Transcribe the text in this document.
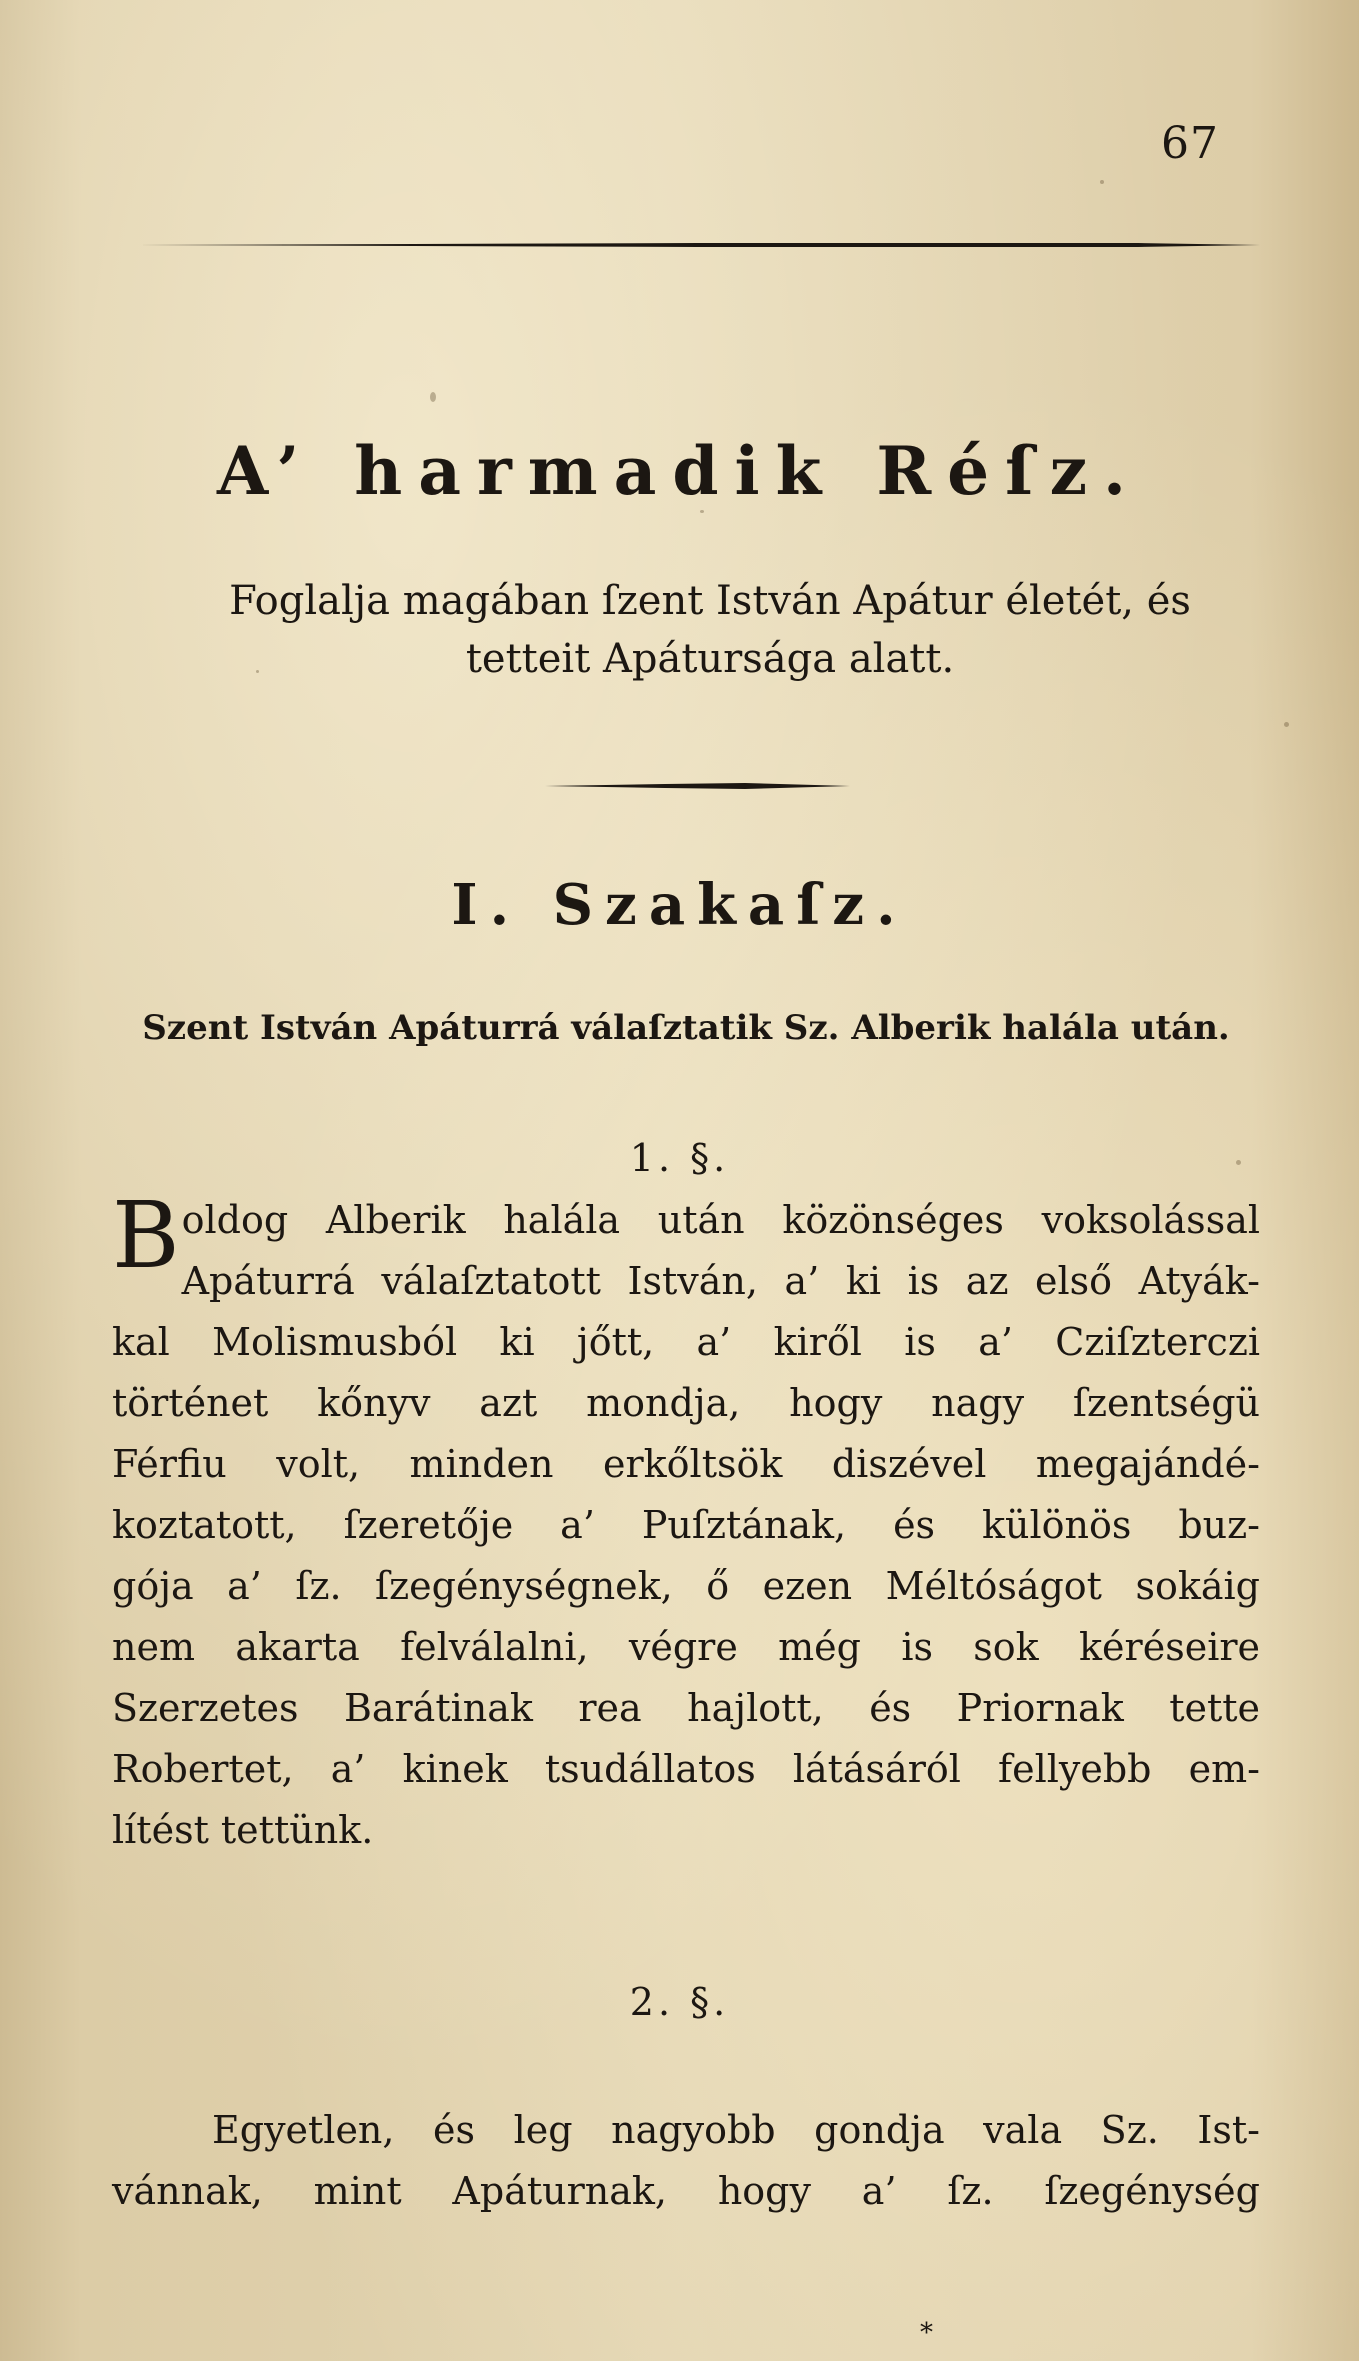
67
A’ harmadik Réſz.
Foglalja magában ſzent István Apátur életét, és
tetteit Apátursága alatt.
I. Szakaſz.
Szent István Apáturrá válaſztatik Sz. Alberik halála után.
1. §.
B oldog Alberik halála után közönséges voksolással
Apáturrá válaſztatott István, a’ ki is az első Atyák-
kal Molismusból ki jőtt, a’ kiről is a’ Cziſzterczi
történet kőnyv azt mondja, hogy nagy ſzentségü
Férfiu volt, minden erkőltsök diszével megajándé-
koztatott, ſzeretője a’ Puſztának, és különös buz-
gója a’ ſz. ſzegénységnek, ő ezen Méltóságot sokáig
nem akarta felválalni, végre még is sok kéréseire
Szerzetes Barátinak rea hajlott, és Priornak tette
Robertet, a’ kinek tsudállatos látásáról fellyebb em-
lítést tettünk.
2. §.
Egyetlen, és leg nagyobb gondja vala Sz. Ist-
vánnak, mint Apáturnak, hogy a’ ſz. ſzegénység
*
